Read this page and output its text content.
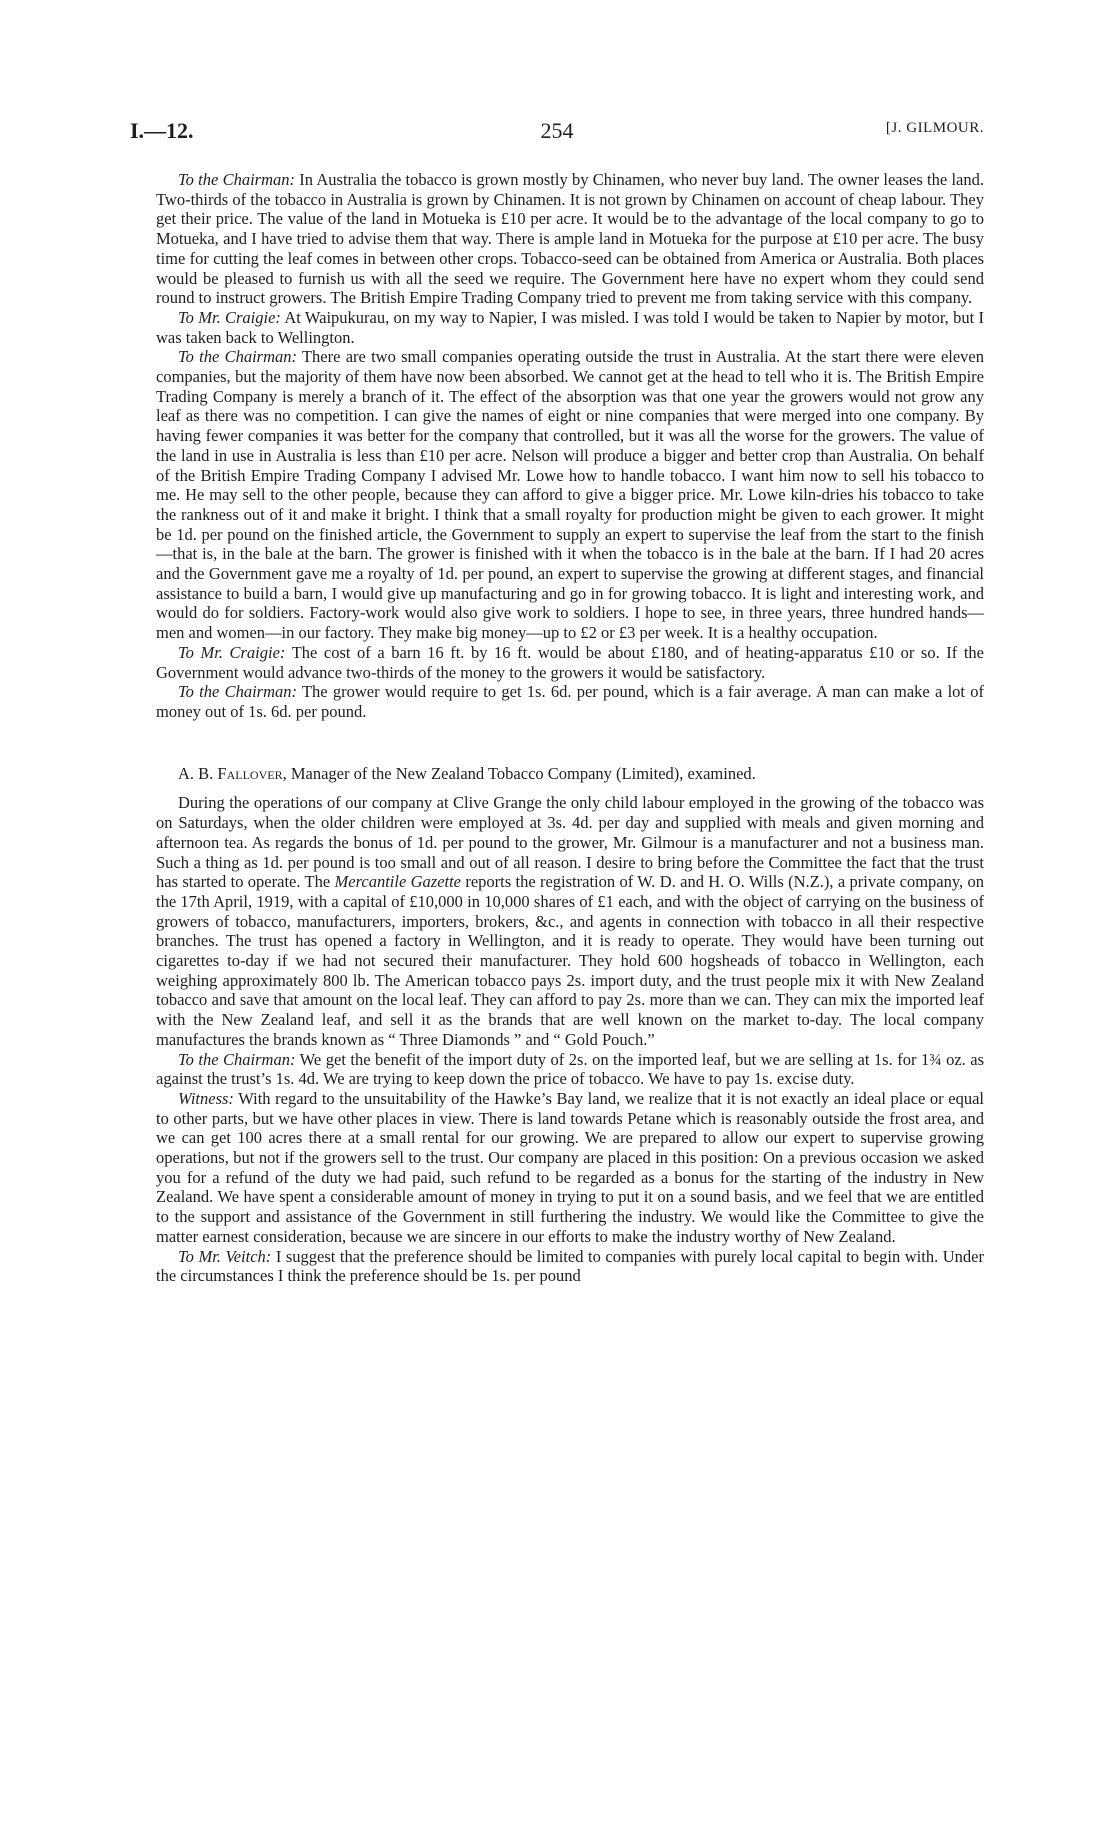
I.—12.	254	[J. GILMOUR.

To the Chairman: In Australia the tobacco is grown mostly by Chinamen, who never buy land. The owner leases the land. Two-thirds of the tobacco in Australia is grown by Chinamen. It is not grown by Chinamen on account of cheap labour. They get their price. The value of the land in Motueka is £10 per acre. It would be to the advantage of the local company to go to Motueka, and I have tried to advise them that way. There is ample land in Motueka for the purpose at £10 per acre. The busy time for cutting the leaf comes in between other crops. Tobacco-seed can be obtained from America or Australia. Both places would be pleased to furnish us with all the seed we require. The Government here have no expert whom they could send round to instruct growers. The British Empire Trading Company tried to prevent me from taking service with this company.

To Mr. Craigie: At Waipukurau, on my way to Napier, I was misled. I was told I would be taken to Napier by motor, but I was taken back to Wellington.

To the Chairman: There are two small companies operating outside the trust in Australia. At the start there were eleven companies, but the majority of them have now been absorbed. We cannot get at the head to tell who it is. The British Empire Trading Company is merely a branch of it. The effect of the absorption was that one year the growers would not grow any leaf as there was no competition. I can give the names of eight or nine companies that were merged into one company. By having fewer companies it was better for the company that controlled, but it was all the worse for the growers. The value of the land in use in Australia is less than £10 per acre. Nelson will produce a bigger and better crop than Australia. On behalf of the British Empire Trading Company I advised Mr. Lowe how to handle tobacco. I want him now to sell his tobacco to me. He may sell to the other people, because they can afford to give a bigger price. Mr. Lowe kiln-dries his tobacco to take the rankness out of it and make it bright. I think that a small royalty for production might be given to each grower. It might be 1d. per pound on the finished article, the Government to supply an expert to supervise the leaf from the start to the finish—that is, in the bale at the barn. The grower is finished with it when the tobacco is in the bale at the barn. If I had 20 acres and the Government gave me a royalty of 1d. per pound, an expert to supervise the growing at different stages, and financial assistance to build a barn, I would give up manufacturing and go in for growing tobacco. It is light and interesting work, and would do for soldiers. Factory-work would also give work to soldiers. I hope to see, in three years, three hundred hands—men and women—in our factory. They make big money—up to £2 or £3 per week. It is a healthy occupation.

To Mr. Craigie: The cost of a barn 16 ft. by 16 ft. would be about £180, and of heating-apparatus £10 or so. If the Government would advance two-thirds of the money to the growers it would be satisfactory.

To the Chairman: The grower would require to get 1s. 6d. per pound, which is a fair average. A man can make a lot of money out of 1s. 6d. per pound.

A. B. Fallover, Manager of the New Zealand Tobacco Company (Limited), examined.

During the operations of our company at Clive Grange the only child labour employed in the growing of the tobacco was on Saturdays, when the older children were employed at 3s. 4d. per day and supplied with meals and given morning and afternoon tea. As regards the bonus of 1d. per pound to the grower, Mr. Gilmour is a manufacturer and not a business man. Such a thing as 1d. per pound is too small and out of all reason. I desire to bring before the Committee the fact that the trust has started to operate. The Mercantile Gazette reports the registration of W. D. and H. O. Wills (N.Z.), a private company, on the 17th April, 1919, with a capital of £10,000 in 10,000 shares of £1 each, and with the object of carrying on the business of growers of tobacco, manufacturers, importers, brokers, &c., and agents in connection with tobacco in all their respective branches. The trust has opened a factory in Wellington, and it is ready to operate. They would have been turning out cigarettes to-day if we had not secured their manufacturer. They hold 600 hogsheads of tobacco in Wellington, each weighing approximately 800 lb. The American tobacco pays 2s. import duty, and the trust people mix it with New Zealand tobacco and save that amount on the local leaf. They can afford to pay 2s. more than we can. They can mix the imported leaf with the New Zealand leaf, and sell it as the brands that are well known on the market to-day. The local company manufactures the brands known as “ Three Diamonds ” and “ Gold Pouch.”

To the Chairman: We get the benefit of the import duty of 2s. on the imported leaf, but we are selling at 1s. for 1¾ oz. as against the trust’s 1s. 4d. We are trying to keep down the price of tobacco. We have to pay 1s. excise duty.

Witness: With regard to the unsuitability of the Hawke’s Bay land, we realize that it is not exactly an ideal place or equal to other parts, but we have other places in view. There is land towards Petane which is reasonably outside the frost area, and we can get 100 acres there at a small rental for our growing. We are prepared to allow our expert to supervise growing operations, but not if the growers sell to the trust. Our company are placed in this position: On a previous occasion we asked you for a refund of the duty we had paid, such refund to be regarded as a bonus for the starting of the industry in New Zealand. We have spent a considerable amount of money in trying to put it on a sound basis, and we feel that we are entitled to the support and assistance of the Government in still furthering the industry. We would like the Committee to give the matter earnest consideration, because we are sincere in our efforts to make the industry worthy of New Zealand.

To Mr. Veitch: I suggest that the preference should be limited to companies with purely local capital to begin with. Under the circumstances I think the preference should be 1s. per pound
